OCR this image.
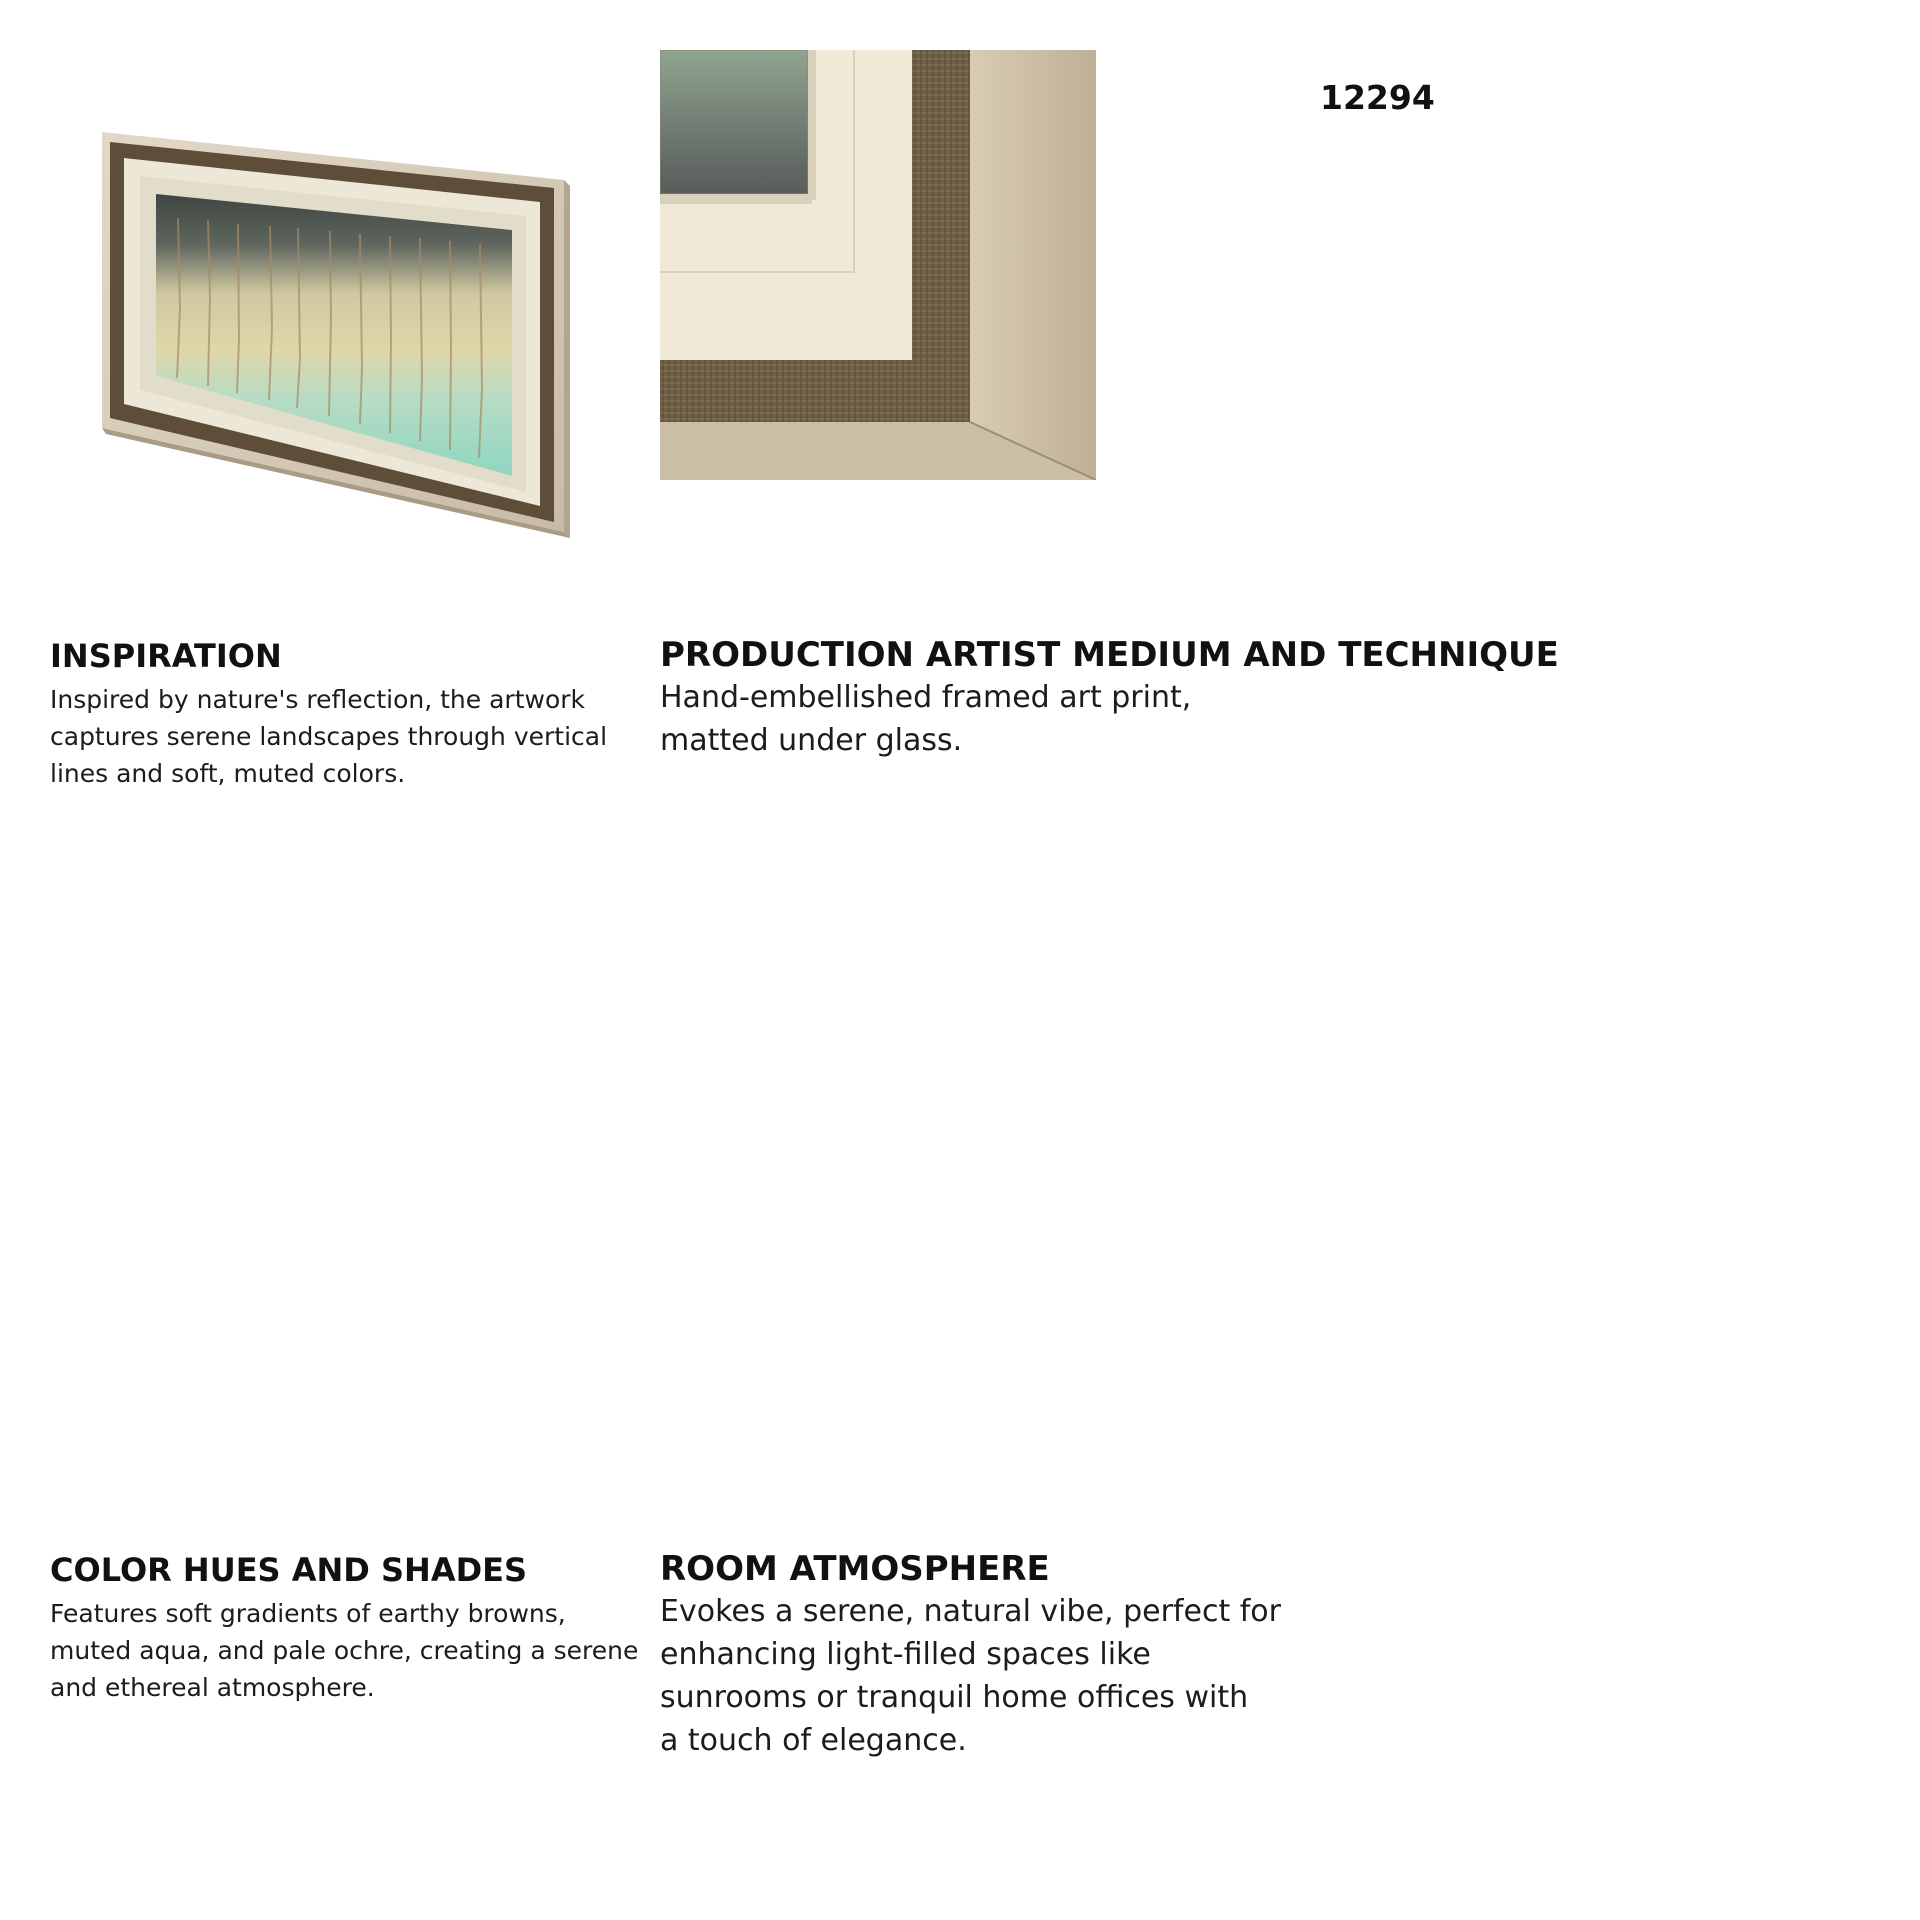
12294
INSPIRATION
Inspired by nature's reflection, the artwork
captures serene landscapes through vertical
lines and soft, muted colors.
PRODUCTION ARTIST MEDIUM AND TECHNIQUE
Hand-embellished framed art print,
matted under glass.
COLOR HUES AND SHADES
Features soft gradients of earthy browns,
muted aqua, and pale ochre, creating a serene
and ethereal atmosphere.
ROOM ATMOSPHERE
Evokes a serene, natural vibe, perfect for
enhancing light-filled spaces like
sunrooms or tranquil home offices with
a touch of elegance.
